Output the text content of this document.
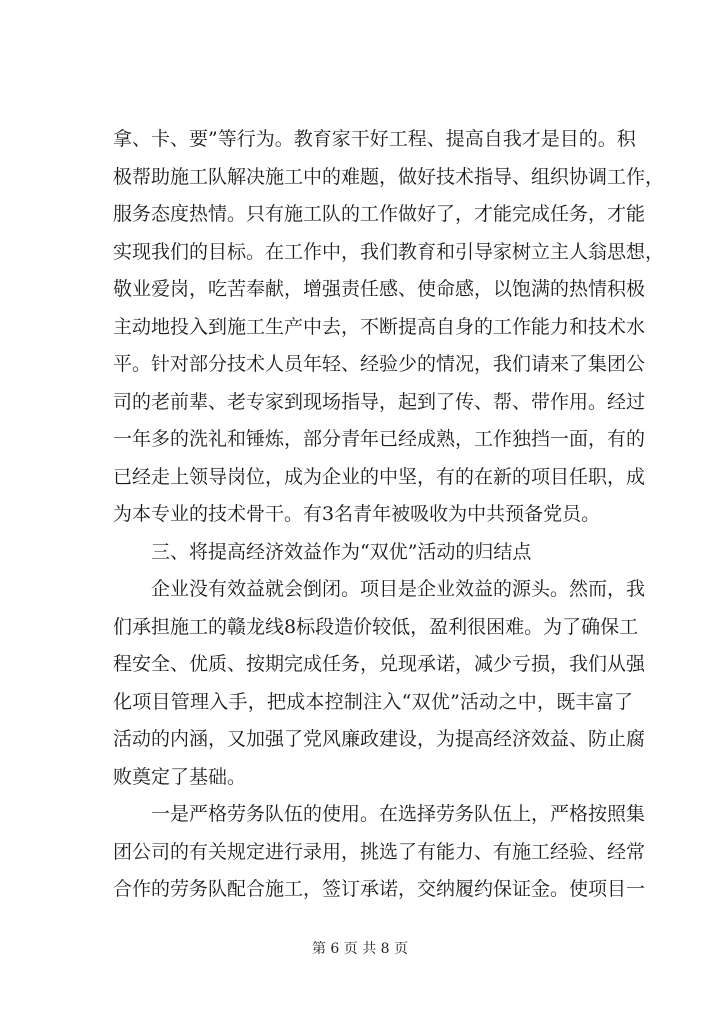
拿、卡、要”等行为。教育家干好工程、提高自我才是目的。积
极帮助施工队解决施工中的难题，做好技术指导、组织协调工作，
服务态度热情。只有施工队的工作做好了，才能完成任务，才能
实现我们的目标。在工作中，我们教育和引导家树立主人翁思想，
敬业爱岗，吃苦奉献，增强责任感、使命感，以饱满的热情积极
主动地投入到施工生产中去，不断提高自身的工作能力和技术水
平。针对部分技术人员年轻、经验少的情况，我们请来了集团公
司的老前辈、老专家到现场指导，起到了传、帮、带作用。经过
一年多的洗礼和锤炼，部分青年已经成熟，工作独挡一面，有的
已经走上领导岗位，成为企业的中坚，有的在新的项目任职，成
为本专业的技术骨干。有3名青年被吸收为中共预备党员。
　　三、将提高经济效益作为“双优”活动的归结点
　　企业没有效益就会倒闭。项目是企业效益的源头。然而，我
们承担施工的赣龙线8标段造价较低，盈利很困难。为了确保工
程安全、优质、按期完成任务，兑现承诺，减少亏损，我们从强
化项目管理入手，把成本控制注入“双优”活动之中，既丰富了
活动的内涵，又加强了党风廉政建设，为提高经济效益、防止腐
败奠定了基础。
　　一是严格劳务队伍的使用。在选择劳务队伍上，严格按照集
团公司的有关规定进行录用，挑选了有能力、有施工经验、经常
合作的劳务队配合施工，签订承诺，交纳履约保证金。使项目一
第 6 页 共 8 页
